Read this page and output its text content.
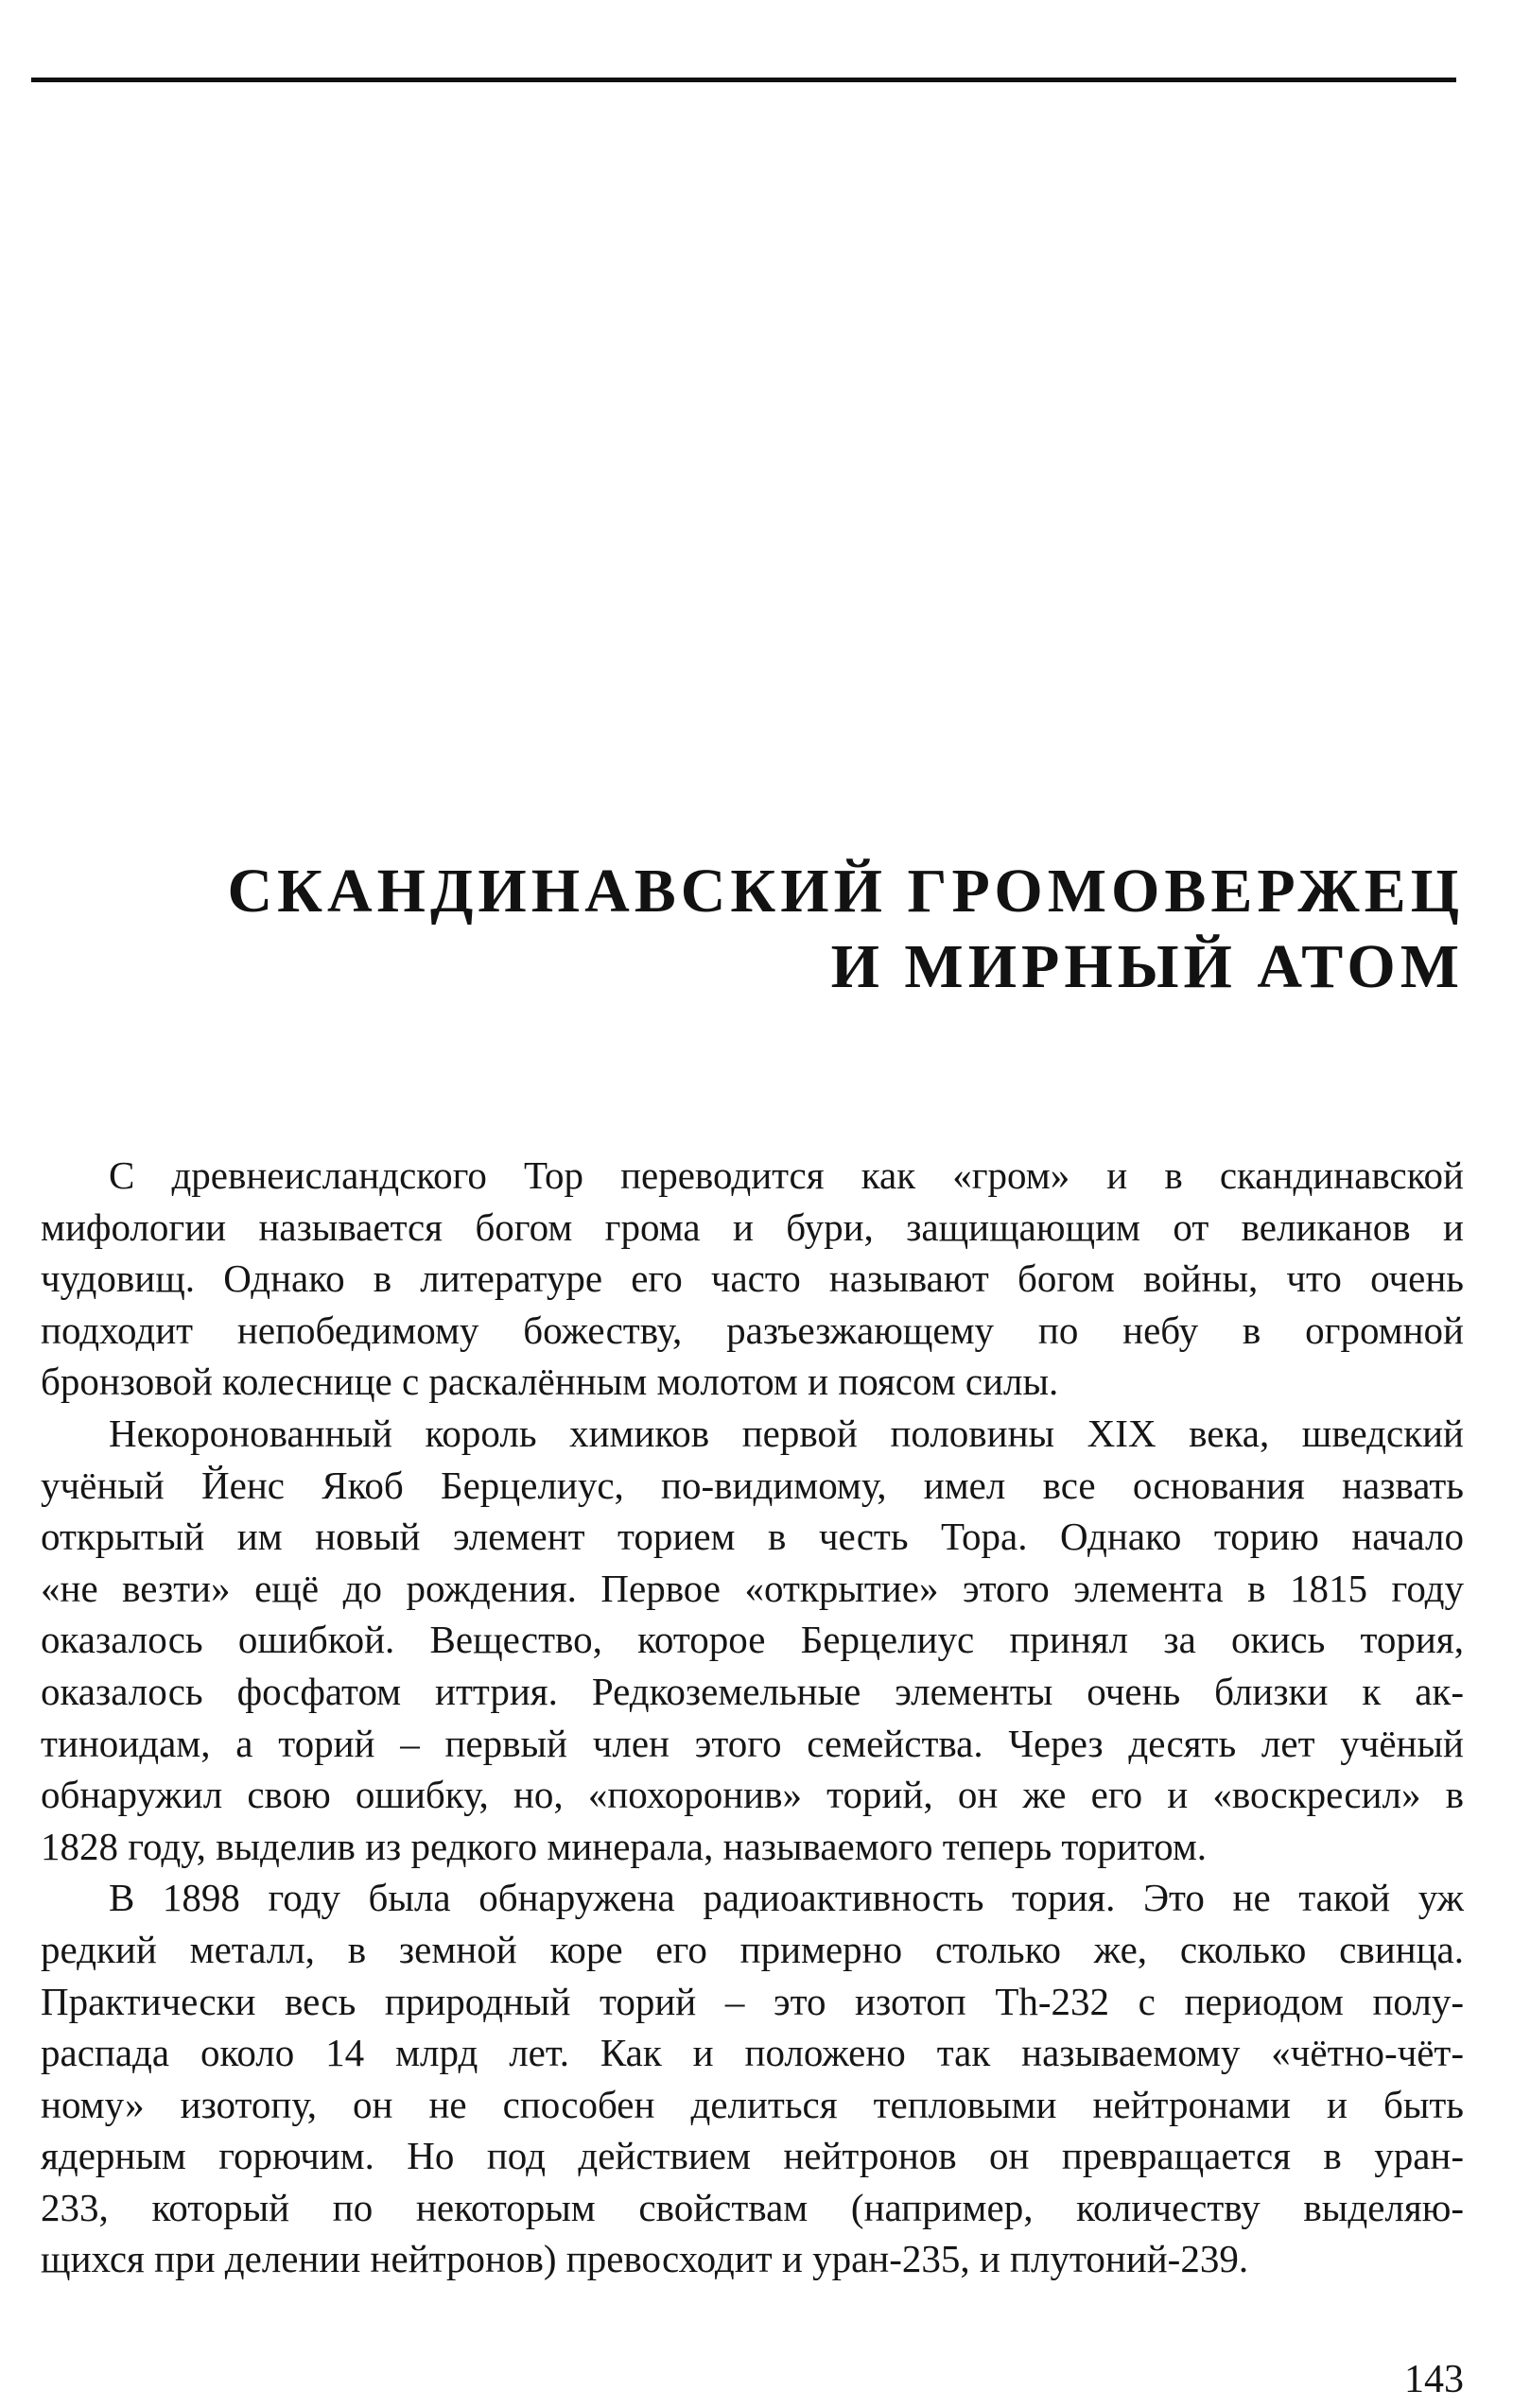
СКАНДИНАВСКИЙ ГРОМОВЕРЖЕЦ
И МИРНЫЙ АТОМ
С древнеисландского Тор переводится как «гром» и в скандинавской
мифологии называется богом грома и бури, защищающим от великанов и
чудовищ. Однако в литературе его часто называют богом войны, что очень
подходит непобедимому божеству, разъезжающему по небу в огромной
бронзовой колеснице с раскалённым молотом и поясом силы.
Некоронованный король химиков первой половины XIX века, шведский
учёный Йенс Якоб Берцелиус, по-видимому, имел все основания назвать
открытый им новый элемент торием в честь Тора. Однако торию начало
«не везти» ещё до рождения. Первое «открытие» этого элемента в 1815 году
оказалось ошибкой. Вещество, которое Берцелиус принял за окись тория,
оказалось фосфатом иттрия. Редкоземельные элементы очень близки к ак-
тиноидам, а торий – первый член этого семейства. Через десять лет учёный
обнаружил свою ошибку, но, «похоронив» торий, он же его и «воскресил» в
1828 году, выделив из редкого минерала, называемого теперь торитом.
В 1898 году была обнаружена радиоактивность тория. Это не такой уж
редкий металл, в земной коре его примерно столько же, сколько свинца.
Практически весь природный торий – это изотоп Th-232 с периодом полу-
распада около 14 млрд лет. Как и положено так называемому «чётно-чёт-
ному» изотопу, он не способен делиться тепловыми нейтронами и быть
ядерным горючим. Но под действием нейтронов он превращается в уран-
233, который по некоторым свойствам (например, количеству выделяю-
щихся при делении нейтронов) превосходит и уран-235, и плутоний-239.
143
